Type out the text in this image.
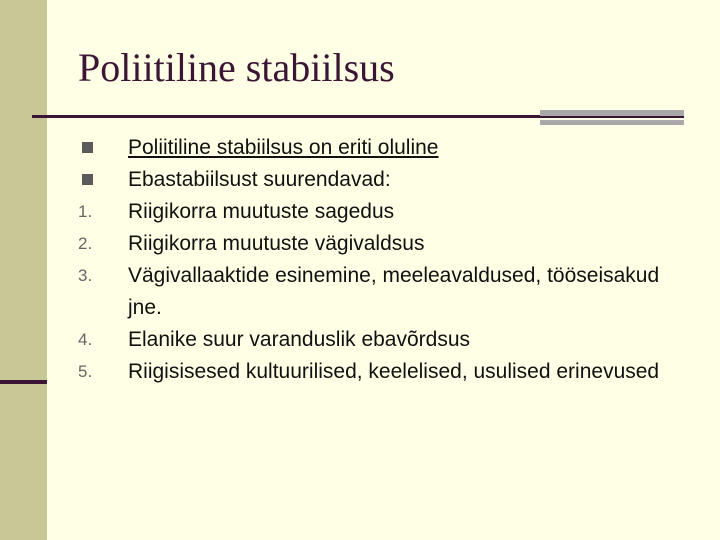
Poliitiline stabiilsus
Poliitiline stabiilsus on eriti oluline
Ebastabiilsust suurendavad:
1.	Riigikorra muutuste sagedus
2.	Riigikorra muutuste vägivaldsus
3.	Vägivallaaktide esinemine, meeleavaldused, tööseisakud jne.
4.	Elanike suur varanduslik ebavõrdsus
5.	Riigisisesed kultuurilised, keelelised, usulised erinevused
